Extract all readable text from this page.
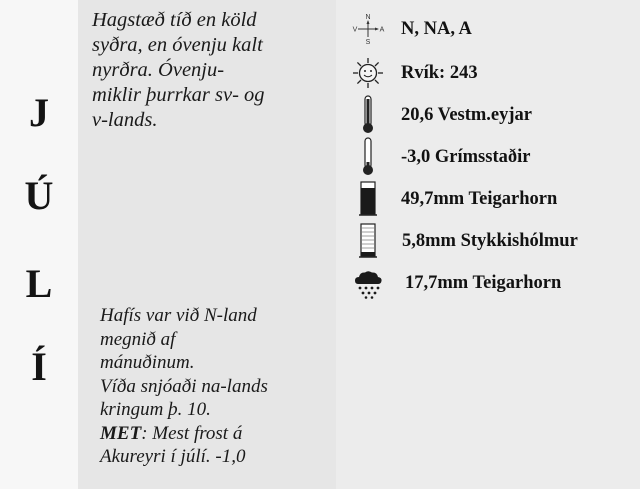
J
Ú
L
Í
Hagstæð tíð en köld
syðra, en óvenju kalt
nyrðra. Óvenju-
miklir þurrkar sv- og
v-lands.
Hafís var við N-land
megnið af
mánuðinum.
Víða snjóaði na-lands
kringum þ. 10.
MET: Mest frost á
Akureyri í júlí. -1,0
N
S
V	A N, NA, A
Rvík: 243
20,6 Vestm.eyjar
-3,0 Grímsstaðir
49,7mm Teigarhorn
5,8mm Stykkishólmur
17,7mm Teigarhorn
